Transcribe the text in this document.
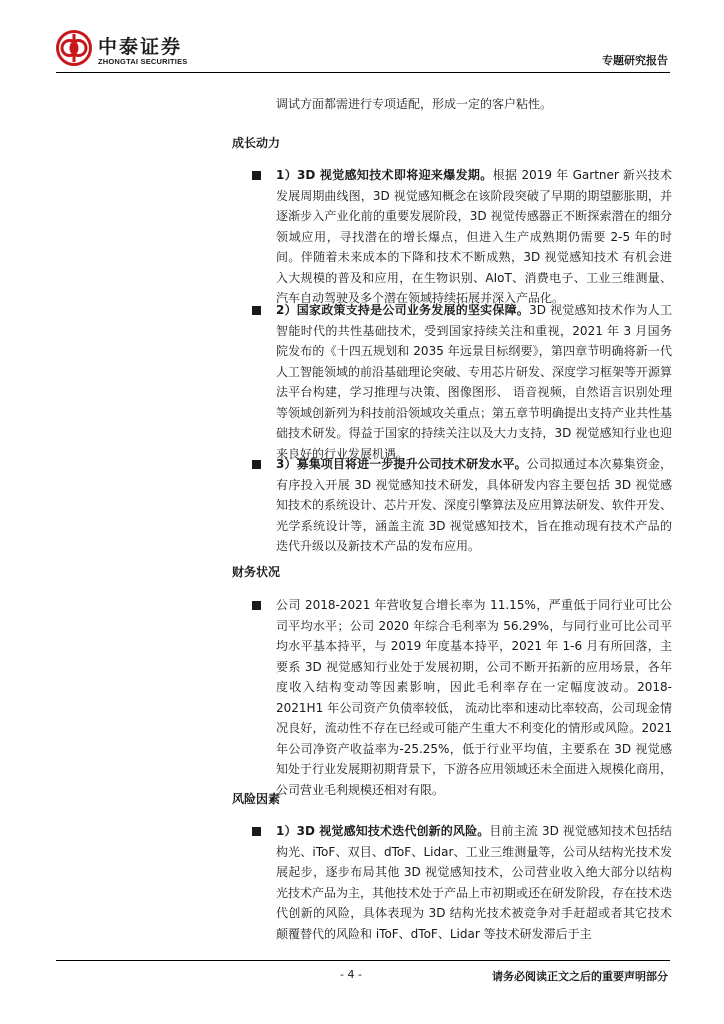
中泰证券
ZHONGTAI SECURITIES	专题研究报告
调试方面都需进行专项适配，形成一定的客户粘性。
成长动力
1）3D 视觉感知技术即将迎来爆发期。根据 2019 年 Gartner 新兴技术发展周期曲线图，3D 视觉感知概念在该阶段突破了早期的期望膨胀期，并逐渐步入产业化前的重要发展阶段，3D 视觉传感器正不断探索潜在的细分领域应用，寻找潜在的增长爆点，但进入生产成熟期仍需要 2-5 年的时间。伴随着未来成本的下降和技术不断成熟，3D 视觉感知技术 有机会进入大规模的普及和应用，在生物识别、AIoT、消费电子、工业三维测量、汽车自动驾驶及多个潜在领域持续拓展并深入产品化。
2）国家政策支持是公司业务发展的坚实保障。3D 视觉感知技术作为人工智能时代的共性基础技术，受到国家持续关注和重视，2021 年 3 月国务院发布的《十四五规划和 2035 年远景目标纲要》，第四章节明确将新一代人工智能领域的前沿基础理论突破、专用芯片研发、深度学习框架等开源算法平台构建，学习推理与决策、图像图形、 语音视频，自然语言识别处理等领域创新列为科技前沿领域攻关重点；第五章节明确提出支持产业共性基础技术研发。得益于国家的持续关注以及大力支持，3D 视觉感知行业也迎来良好的行业发展机遇。
3）募集项目将进一步提升公司技术研发水平。公司拟通过本次募集资金，有序投入开展 3D 视觉感知技术研发，具体研发内容主要包括 3D 视觉感知技术的系统设计、芯片开发、深度引擎算法及应用算法研发、软件开发、光学系统设计等，涵盖主流 3D 视觉感知技术，旨在推动现有技术产品的迭代升级以及新技术产品的发布应用。
财务状况
公司 2018-2021 年营收复合增长率为 11.15%，严重低于同行业可比公司平均水平；公司 2020 年综合毛利率为 56.29%，与同行业可比公司平均水平基本持平，与 2019 年度基本持平，2021 年 1-6 月有所回落，主要系 3D 视觉感知行业处于发展初期，公司不断开拓新的应用场景，各年度收入结构变动等因素影响，因此毛利率存在一定幅度波动。2018-2021H1 年公司资产负债率较低， 流动比率和速动比率较高，公司现金情况良好，流动性不存在已经或可能产生重大不利变化的情形或风险。2021 年公司净资产收益率为-25.25%，低于行业平均值，主要系在 3D 视觉感知处于行业发展期初期背景下，下游各应用领域还未全面进入规模化商用，公司营业毛利规模还相对有限。
风险因素
1）3D 视觉感知技术迭代创新的风险。目前主流 3D 视觉感知技术包括结构光、iToF、双目、dToF、Lidar、工业三维测量等，公司从结构光技术发展起步，逐步布局其他 3D 视觉感知技术，公司营业收入绝大部分以结构光技术产品为主，其他技术处于产品上市初期或还在研发阶段，存在技术迭代创新的风险，具体表现为 3D 结构光技术被竞争对手赶超或者其它技术颠覆替代的风险和 iToF、dToF、Lidar 等技术研发滞后于主
- 4 -	请务必阅读正文之后的重要声明部分
